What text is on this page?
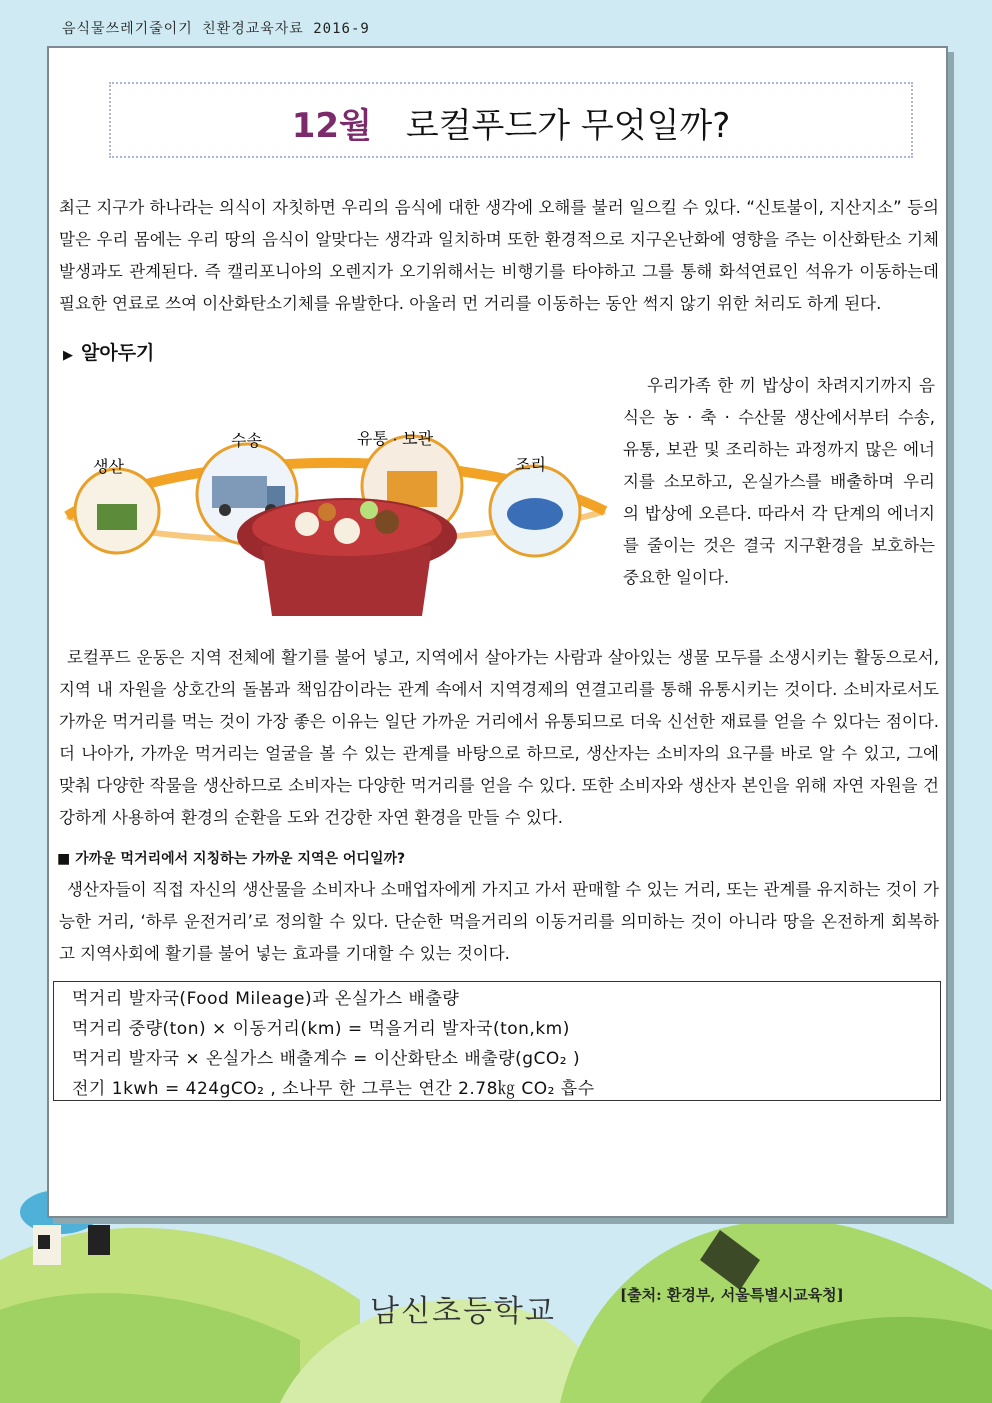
음식물쓰레기줄이기 친환경교육자료 2016-9
12월 로컬푸드가 무엇일까?
최근 지구가 하나라는 의식이 자칫하면 우리의 음식에 대한 생각에 오해를 불러 일으킬 수 있다. “신토불이, 지산지소” 등의 말은 우리 몸에는 우리 땅의 음식이 알맞다는 생각과 일치하며 또한 환경적으로 지구온난화에 영향을 주는 이산화탄소 기체 발생과도 관계된다. 즉 캘리포니아의 오렌지가 오기위해서는 비행기를 타야하고 그를 통해 화석연료인 석유가 이동하는데 필요한 연료로 쓰여 이산화탄소기체를 유발한다. 아울러 먼 거리를 이동하는 동안 썩지 않기 위한 처리도 하게 된다.
▶ 알아두기
생산
수송	유통 · 보관
조리
우리가족 한 끼 밥상이 차려지기까지 음식은 농 · 축 · 수산물 생산에서부터 수송, 유통, 보관 및 조리하는 과정까지 많은 에너지를 소모하고, 온실가스를 배출하며 우리의 밥상에 오른다. 따라서 각 단계의 에너지를 줄이는 것은 결국 지구환경을 보호하는 중요한 일이다.
로컬푸드 운동은 지역 전체에 활기를 불어 넣고, 지역에서 살아가는 사람과 살아있는 생물 모두를 소생시키는 활동으로서, 지역 내 자원을 상호간의 돌봄과 책임감이라는 관계 속에서 지역경제의 연결고리를 통해 유통시키는 것이다. 소비자로서도 가까운 먹거리를 먹는 것이 가장 좋은 이유는 일단 가까운 거리에서 유통되므로 더욱 신선한 재료를 얻을 수 있다는 점이다. 더 나아가, 가까운 먹거리는 얼굴을 볼 수 있는 관계를 바탕으로 하므로, 생산자는 소비자의 요구를 바로 알 수 있고, 그에 맞춰 다양한 작물을 생산하므로 소비자는 다양한 먹거리를 얻을 수 있다. 또한 소비자와 생산자 본인을 위해 자연 자원을 건강하게 사용하여 환경의 순환을 도와 건강한 자연 환경을 만들 수 있다.
■ 가까운 먹거리에서 지칭하는 가까운 지역은 어디일까?
생산자들이 직접 자신의 생산물을 소비자나 소매업자에게 가지고 가서 판매할 수 있는 거리, 또는 관계를 유지하는 것이 가능한 거리, ‘하루 운전거리’로 정의할 수 있다. 단순한 먹을거리의 이동거리를 의미하는 것이 아니라 땅을 온전하게 회복하고 지역사회에 활기를 불어 넣는 효과를 기대할 수 있는 것이다.
먹거리 발자국(Food Mileage)과 온실가스 배출량
먹거리 중량(ton) × 이동거리(km) = 먹을거리 발자국(ton,km)
먹거리 발자국 × 온실가스 배출계수 = 이산화탄소 배출량(gCO₂ )
전기 1kwh = 424gCO₂ , 소나무 한 그루는 연간 2.78㎏ CO₂ 흡수
남신초등학교	[출처: 환경부, 서울특별시교육청]
